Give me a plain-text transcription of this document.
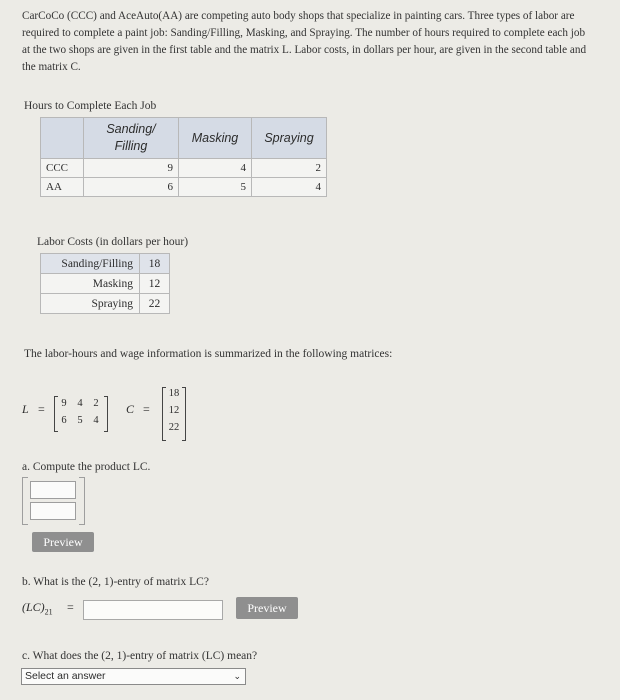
CarCoCo (CCC) and AceAuto(AA) are competing auto body shops that specialize in painting cars. Three types of labor are required to complete a paint job: Sanding/Filling, Masking, and Spraying. The number of hours required to complete each job at the two shops are given in the first table and the matrix L. Labor costs, in dollars per hour, are given in the second table and the matrix C.
Hours to Complete Each Job
	Sanding/ Filling	Masking	Spraying
CCC	9	4	2
AA	6	5	4
Labor Costs (in dollars per hour)
Sanding/Filling	18
Masking	12
Spraying	22
The labor-hours and wage information is summarized in the following matrices:
L =	9	4	2
6	5	4
C =
18
12
22
a. Compute the product LC.
Preview
b. What is the (2, 1)-entry of matrix LC?
$(LC)_{21}$ =	Preview
c. What does the (2, 1)-entry of matrix (LC) mean?
Select an answer	⌄
